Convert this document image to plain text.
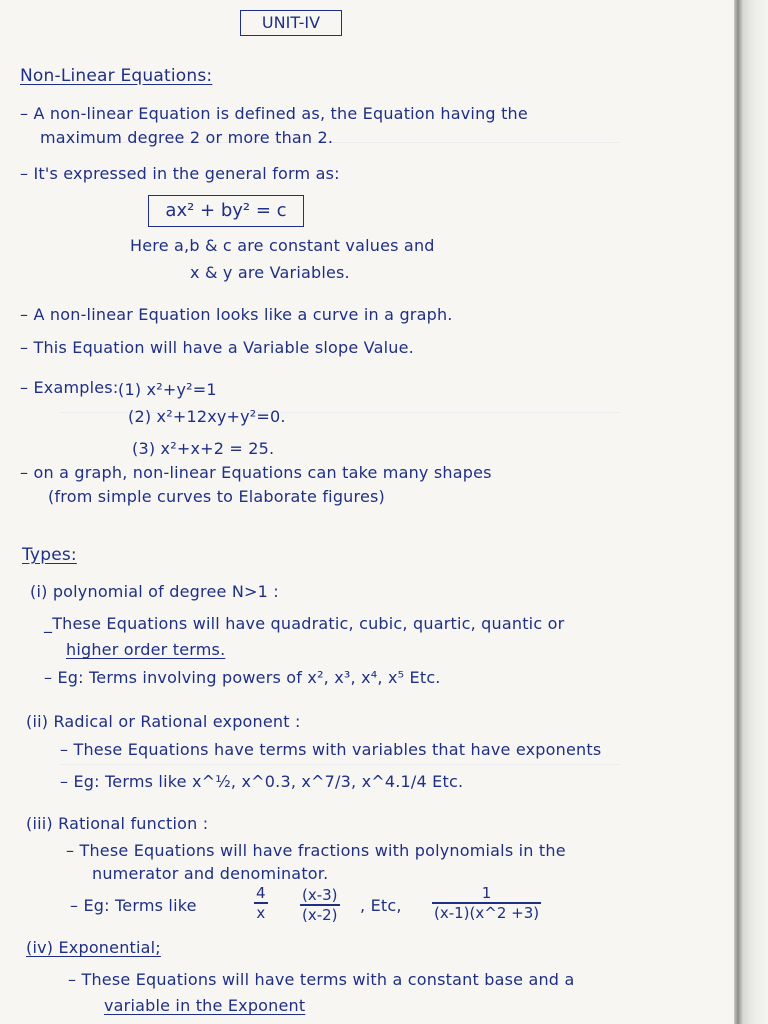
UNIT-IV
Non-Linear Equations:
– A non-linear Equation is defined as, the Equation having the
maximum degree 2 or more than 2.
– It's expressed in the general form as:
ax² + by² = c
Here a,b & c are constant values and
x & y are Variables.
– A non-linear Equation looks like a curve in a graph.
– This Equation will have a Variable slope Value.
– Examples: (1) x²+y²=1
(2) x²+12xy+y²=0.
(3) x²+x+2 = 25.
– on a graph, non-linear Equations can take many shapes
(from simple curves to Elaborate figures)
Types:
(i) polynomial of degree N>1 :
_These Equations will have quadratic, cubic, quartic, quantic or
higher order terms.
– Eg: Terms involving powers of x², x³, x⁴, x⁵ Etc.
(ii) Radical or Rational exponent :
– These Equations have terms with variables that have exponents
– Eg: Terms like x^½, x^0.3, x^7/3, x^4.1/4 Etc.
(iii) Rational function :
– These Equations will have fractions with polynomials in the
numerator and denominator.
– Eg: Terms like
4
x
(x-3)
(x-2) , Etc,
1
(x-1)(x^2 +3)
(iv) Exponential;
– These Equations will have terms with a constant base and a
variable in the Exponent
